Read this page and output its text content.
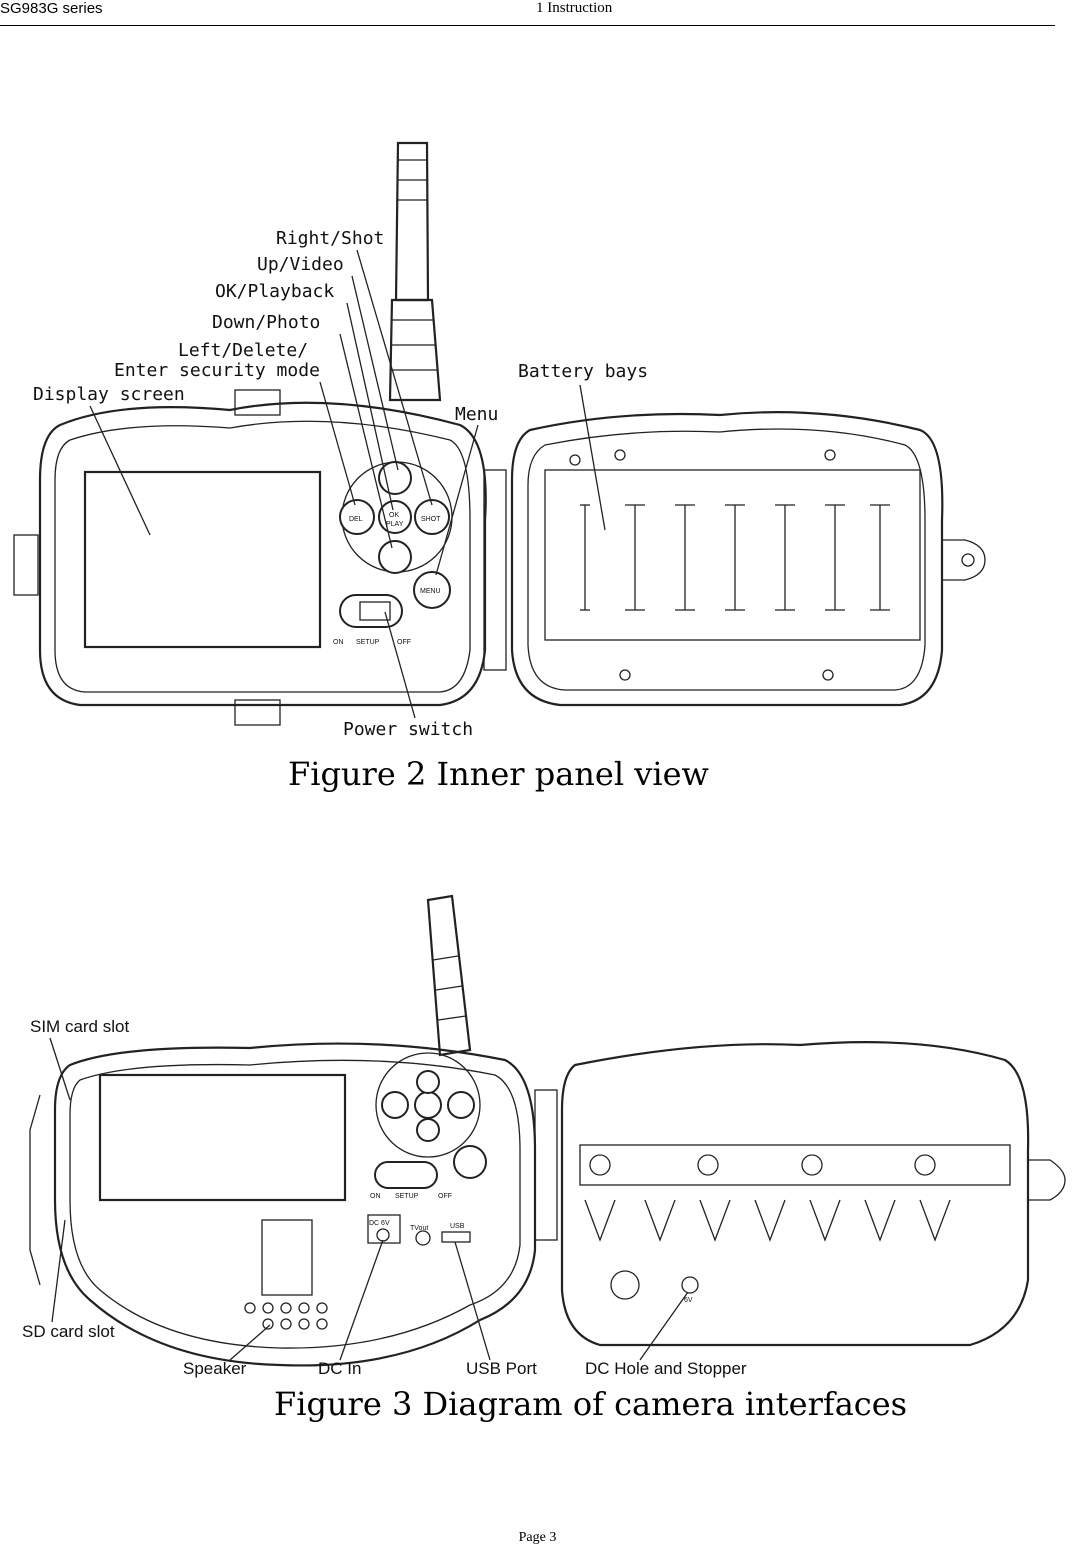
SG983G series	1 Instruction
DEL
OK
PLAY
SHOT
MENU
ON SETUP	OFF
Right/Shot
Up/Video
OK/Playback
Down/Photo
Left/Delete/
Enter security mode
Display screen
Menu
Battery bays
Power switch
Figure 2 Inner panel view
ON SETUP	OFF
DC 6V
TVout	USB
6V
SIM card slot
SD card slot
Speaker	DC In	USB Port	DC Hole and Stopper
Figure 3 Diagram of camera interfaces
Page 3
